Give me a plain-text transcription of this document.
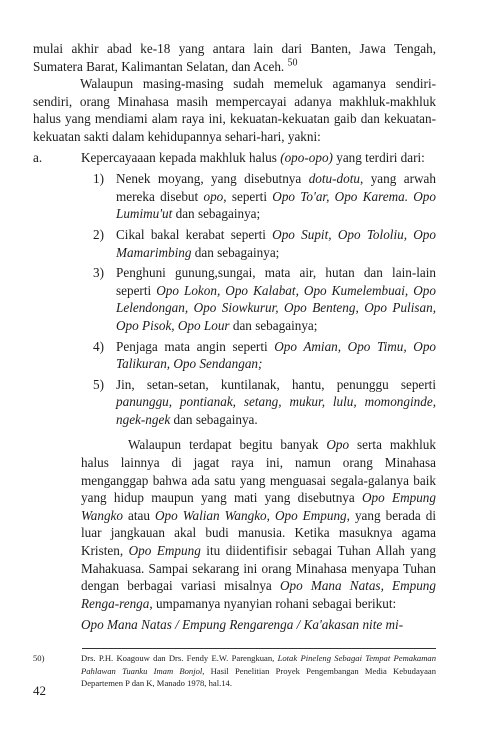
mulai akhir abad ke-18 yang antara lain dari Banten, Jawa Tengah, Sumatera Barat, Kalimantan Selatan, dan Aceh. $^{50}$

Walaupun masing-masing sudah memeluk agamanya sendiri-sendiri, orang Minahasa masih mempercayai adanya makhluk-makhluk halus yang mendiami alam raya ini, kekuatan-kekuatan gaib dan kekuatan-kekuatan sakti dalam kehidupannya sehari-hari, yakni:

a.	Kepercayaaan kepada makhluk halus (opo-opo) yang terdiri dari:
1) Nenek moyang, yang disebutnya dotu-dotu, yang arwah mereka disebut opo, seperti Opo To'ar, Opo Karema. Opo Lumimu'ut dan sebagainya;
2) Cikal bakal kerabat seperti Opo Supit, Opo Tololiu, Opo Mamarimbing dan sebagainya;
3) Penghuni gunung,sungai, mata air, hutan dan lain-lain seperti Opo Lokon, Opo Kalabat, Opo Kumelembuai, Opo Lelendongan, Opo Siowkurur, Opo Benteng, Opo Pulisan, Opo Pisok, Opo Lour dan sebagainya;
4) Penjaga mata angin seperti Opo Amian, Opo Timu, Opo Talikuran, Opo Sendangan;
5) Jin, setan-setan, kuntilanak, hantu, penunggu seperti panunggu, pontianak, setang, mukur, lulu, momonginde, ngek-ngek dan sebagainya.

Walaupun terdapat begitu banyak Opo serta makhluk halus lainnya di jagat raya ini, namun orang Minahasa menganggap bahwa ada satu yang menguasai segala-galanya baik yang hidup maupun yang mati yang disebutnya Opo Empung Wangko atau Opo Walian Wangko, Opo Empung, yang berada di luar jangkauan akal budi manusia. Ketika masuknya agama Kristen, Opo Empung itu diidentifisir sebagai Tuhan Allah yang Mahakuasa. Sampai sekarang ini orang Minahasa menyapa Tuhan dengan berbagai variasi misalnya Opo Mana Natas, Empung Renga-renga, umpamanya nyanyian rohani sebagai berikut:

Opo Mana Natas / Empung Rengarenga / Ka'akasan nite mi-

50)	Drs. P.H. Koagouw dan Drs. Fendy E.W. Parengkuan, Lotak Pineleng Sebagai Tempat Pemakaman Pahlawan Tuanku Imam Bonjol, Hasil Penelitian Proyek Pengembangan Media Kebudayaan Departemen P dan K, Manado 1978, hal.14.
42
